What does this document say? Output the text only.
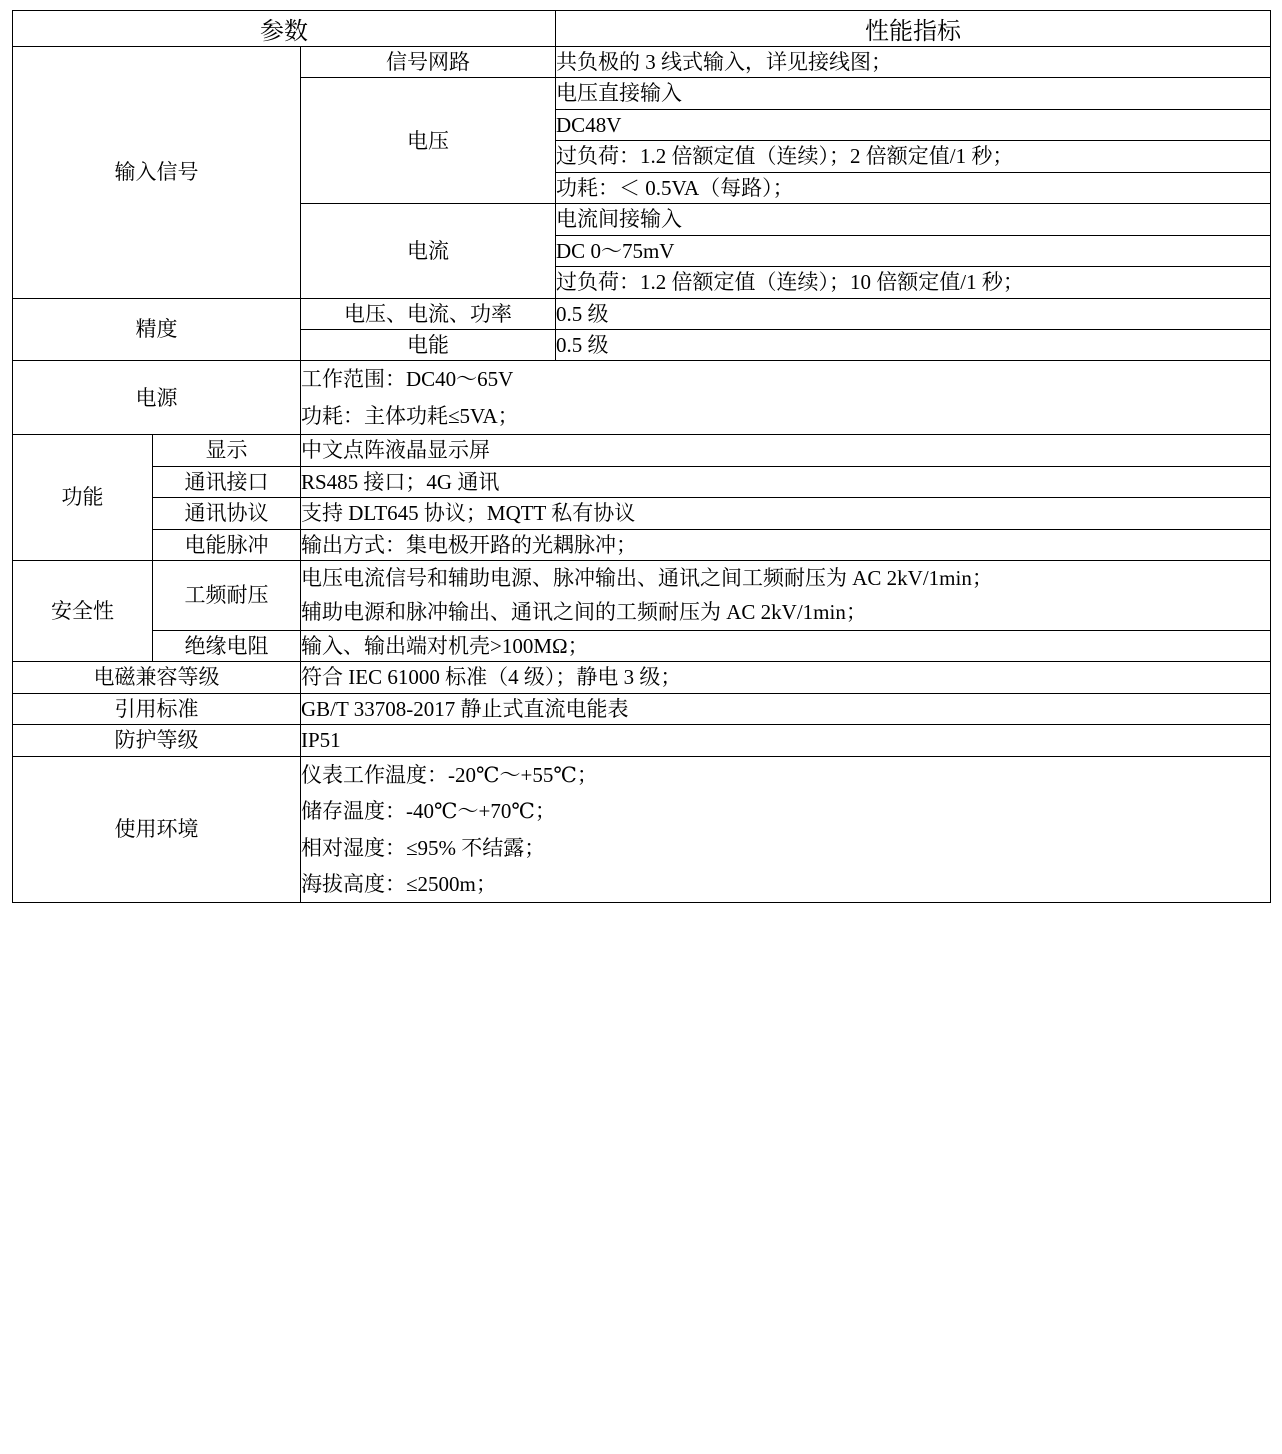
参数			性能指标
输入信号		信号网路	共负极的 3 线式输入，详见接线图；
		电压	电压直接输入
			DC48V
			过负荷：1.2 倍额定值（连续）；2 倍额定值/1 秒；
			功耗：＜ 0.5VA（每路）；
		电流	电流间接输入
			DC 0～75mV
			过负荷：1.2 倍额定值（连续）；10 倍额定值/1 秒；
精度		电压、电流、功率	0.5 级
		电能	0.5 级
电源		工作范围：DC40～65V
功耗：主体功耗≤5VA；	

功能	显示	中文点阵液晶显示屏	
	通讯接口	RS485 接口；4G 通讯	
	通讯协议	支持 DLT645 协议；MQTT 私有协议	
	电能脉冲	输出方式：集电极开路的光耦脉冲；	
安全性	工频耐压	电压电流信号和辅助电源、脉冲输出、通讯之间工频耐压为 AC 2kV/1min；
辅助电源和脉冲输出、通讯之间的工频耐压为 AC 2kV/1min；	

	绝缘电阻	输入、输出端对机壳>100MΩ；	
电磁兼容等级		符合 IEC 61000 标准（4 级）；静电 3 级；	
引用标准		GB/T 33708-2017 静止式直流电能表	
防护等级		IP51	
使用环境		仪表工作温度：-20℃～+55℃；
储存温度：-40℃～+70℃；
相对湿度：≤95% 不结露；
海拔高度：≤2500m；	
